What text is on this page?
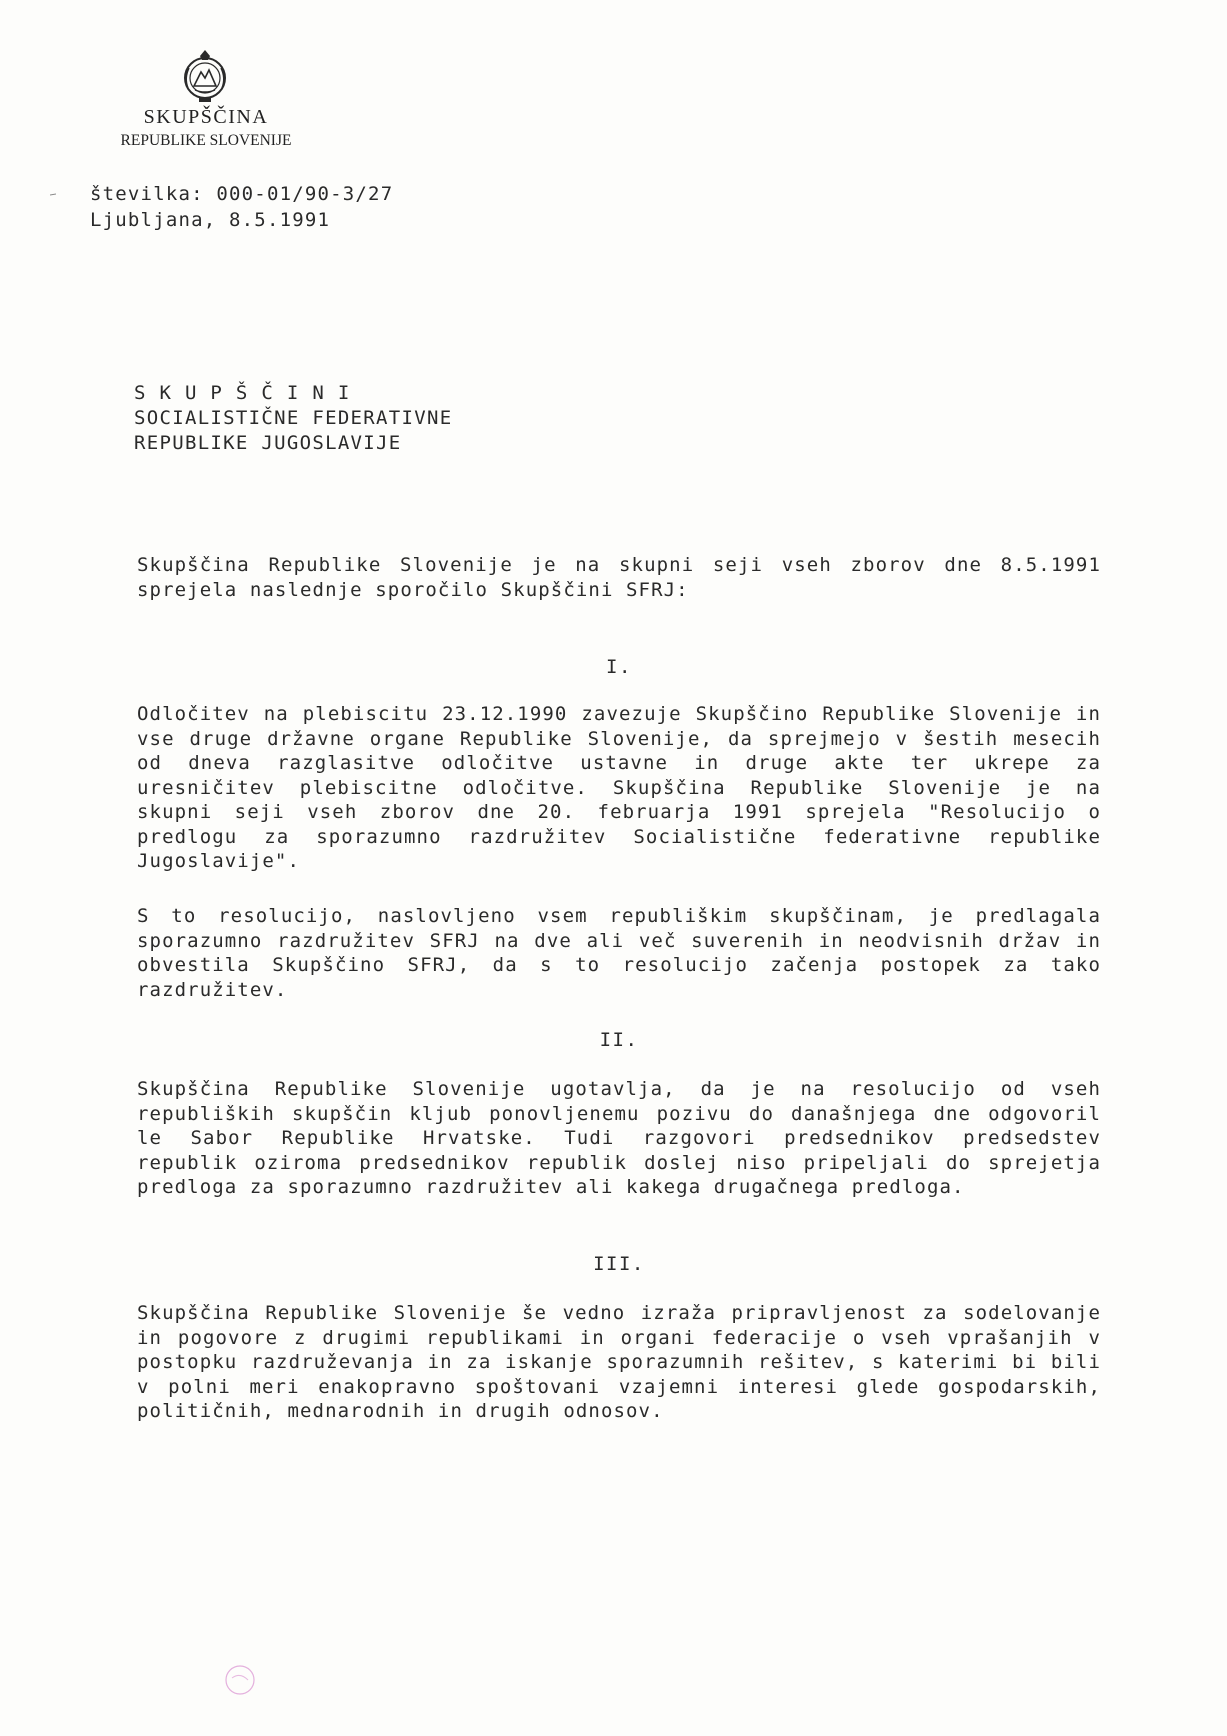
SKUPŠČINA
REPUBLIKE SLOVENIJE
številka: 000-01/90-3/27
Ljubljana, 8.5.1991
S K U P Š Č I N I
SOCIALISTIČNE FEDERATIVNE
REPUBLIKE JUGOSLAVIJE
Skupščina Republike Slovenije je na skupni seji vseh zborov dne 8.5.1991 sprejela naslednje sporočilo Skupščini SFRJ:
I.
Odločitev na plebiscitu 23.12.1990 zavezuje Skupščino Republike Slovenije in vse druge državne organe Republike Slovenije, da sprejmejo v šestih mesecih od dneva razglasitve odločitve ustavne in druge akte ter ukrepe za uresničitev plebiscitne odločitve. Skupščina Republike Slovenije je na skupni seji vseh zborov dne 20. februarja 1991 sprejela "Resolucijo o predlogu za sporazumno razdružitev Socialistične federativne republike Jugoslavije".
S to resolucijo, naslovljeno vsem republiškim skupščinam, je predlagala sporazumno razdružitev SFRJ na dve ali več suverenih in neodvisnih držav in obvestila Skupščino SFRJ, da s to resolucijo začenja postopek za tako razdružitev.
II.
Skupščina Republike Slovenije ugotavlja, da je na resolucijo od vseh republiških skupščin kljub ponovljenemu pozivu do današnjega dne odgovoril le Sabor Republike Hrvatske. Tudi razgovori predsednikov predsedstev republik oziroma predsednikov republik doslej niso pripeljali do sprejetja predloga za sporazumno razdružitev ali kakega drugačnega predloga.
III.
Skupščina Republike Slovenije še vedno izraža pripravljenost za sodelovanje in pogovore z drugimi republikami in organi federacije o vseh vprašanjih v postopku razdruževanja in za iskanje sporazumnih rešitev, s katerimi bi bili v polni meri enakopravno spoštovani vzajemni interesi glede gospodarskih, političnih, mednarodnih in drugih odnosov.
